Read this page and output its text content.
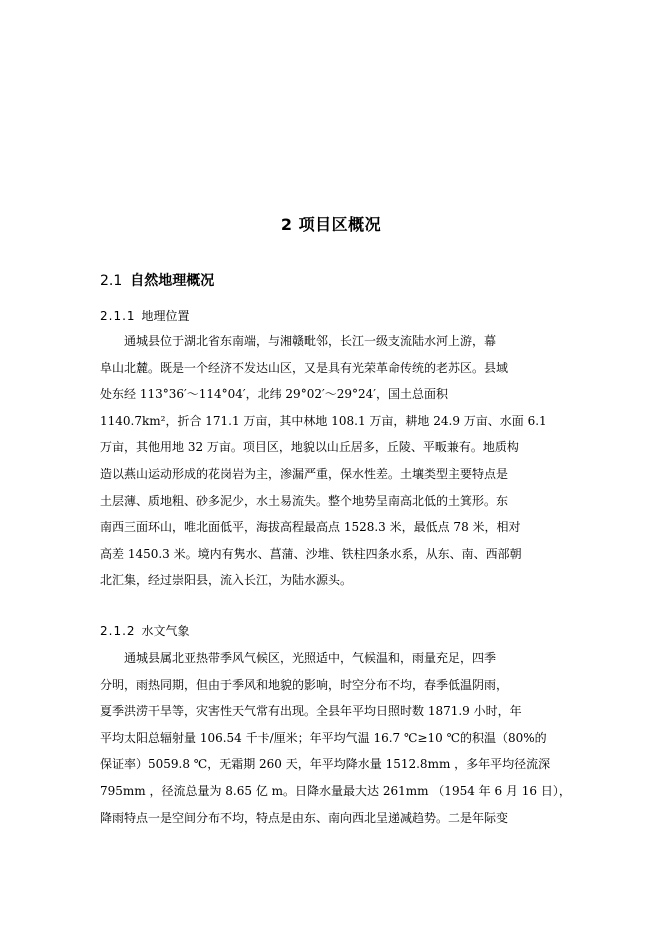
2 项目区概况
2.1 自然地理概况
2.1.1 地理位置
通城县位于湖北省东南端，与湘赣毗邻，长江一级支流陆水河上游，幕
阜山北麓。既是一个经济不发达山区，又是具有光荣革命传统的老苏区。县域
处东经 113°36′～114°04′，北纬 29°02′～29°24′，国土总面积
1140.7km²，折合 171.1 万亩，其中林地 108.1 万亩，耕地 24.9 万亩、水面 6.1
万亩，其他用地 32 万亩。项目区，地貌以山丘居多，丘陵、平畈兼有。地质构
造以燕山运动形成的花岗岩为主，渗漏严重，保水性差。土壤类型主要特点是
土层薄、质地粗、砂多泥少，水土易流失。整个地势呈南高北低的土箕形。东
南西三面环山，唯北面低平，海拔高程最高点 1528.3 米，最低点 78 米，相对
高差 1450.3 米。境内有隽水、菖蒲、沙堆、铁柱四条水系，从东、南、西部朝
北汇集，经过崇阳县，流入长江，为陆水源头。
2.1.2 水文气象
通城县属北亚热带季风气候区，光照适中，气候温和，雨量充足，四季
分明，雨热同期，但由于季风和地貌的影响，时空分布不均，春季低温阴雨，
夏季洪涝干旱等，灾害性天气常有出现。全县年平均日照时数 1871.9 小时，年
平均太阳总辐射量 106.54 千卡/厘米；年平均气温 16.7 ℃≥10 ℃的积温（80%的
保证率）5059.8 ℃，无霜期 260 天，年平均降水量 1512.8mm ，多年平均径流深
795mm ，径流总量为 8.65 亿 m。日降水量最大达 261mm （1954 年 6 月 16 日），
降雨特点一是空间分布不均，特点是由东、南向西北呈递减趋势。二是年际变
